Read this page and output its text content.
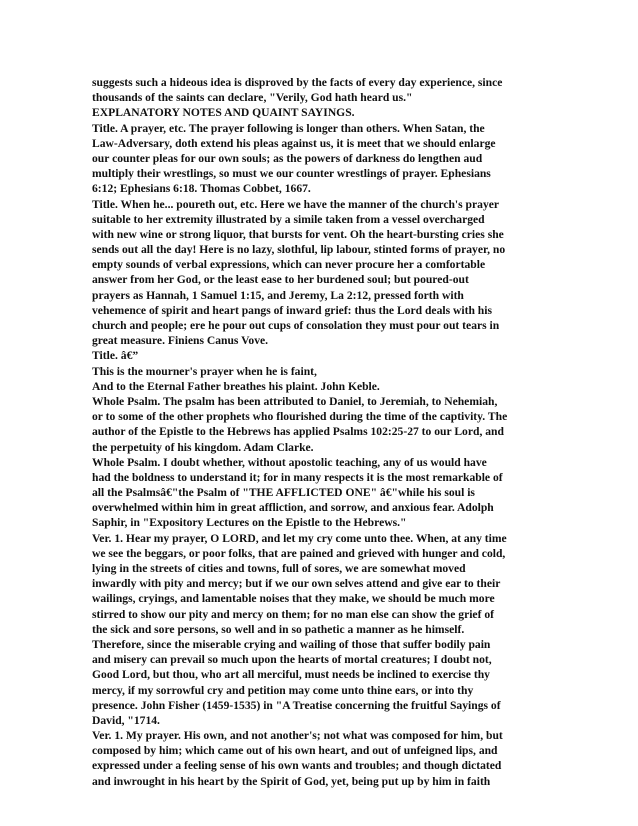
suggests such a hideous idea is disproved by the facts of every day experience, since
thousands of the saints can declare, "Verily, God hath heard us."
EXPLANATORY NOTES AND QUAINT SAYINGS.
Title. A prayer, etc. The prayer following is longer than others. When Satan, the
Law-Adversary, doth extend his pleas against us, it is meet that we should enlarge
our counter pleas for our own souls; as the powers of darkness do lengthen aud
multiply their wrestlings, so must we our counter wrestlings of prayer. Ephesians
6:12; Ephesians 6:18. Thomas Cobbet, 1667.
Title. When he... poureth out, etc. Here we have the manner of the church's prayer
suitable to her extremity illustrated by a simile taken from a vessel overcharged
with new wine or strong liquor, that bursts for vent. Oh the heart-bursting cries she
sends out all the day! Here is no lazy, slothful, lip labour, stinted forms of prayer, no
empty sounds of verbal expressions, which can never procure her a comfortable
answer from her God, or the least ease to her burdened soul; but poured-out
prayers as Hannah, 1 Samuel 1:15, and Jeremy, La 2:12, pressed forth with
vehemence of spirit and heart pangs of inward grief: thus the Lord deals with his
church and people; ere he pour out cups of consolation they must pour out tears in
great measure. Finiens Canus Vove.
Title. â€”
This is the mourner's prayer when he is faint,
And to the Eternal Father breathes his plaint. John Keble.
Whole Psalm. The psalm has been attributed to Daniel, to Jeremiah, to Nehemiah,
or to some of the other prophets who flourished during the time of the captivity. The
author of the Epistle to the Hebrews has applied Psalms 102:25-27 to our Lord, and
the perpetuity of his kingdom. Adam Clarke.
Whole Psalm. I doubt whether, without apostolic teaching, any of us would have
had the boldness to understand it; for in many respects it is the most remarkable of
all the Psalmsâ€"the Psalm of "THE AFFLICTED ONE" â€"while his soul is
overwhelmed within him in great affliction, and sorrow, and anxious fear. Adolph
Saphir, in "Expository Lectures on the Epistle to the Hebrews."
Ver. 1. Hear my prayer, O LORD, and let my cry come unto thee. When, at any time
we see the beggars, or poor folks, that are pained and grieved with hunger and cold,
lying in the streets of cities and towns, full of sores, we are somewhat moved
inwardly with pity and mercy; but if we our own selves attend and give ear to their
wailings, cryings, and lamentable noises that they make, we should be much more
stirred to show our pity and mercy on them; for no man else can show the grief of
the sick and sore persons, so well and in so pathetic a manner as he himself.
Therefore, since the miserable crying and wailing of those that suffer bodily pain
and misery can prevail so much upon the hearts of mortal creatures; I doubt not,
Good Lord, but thou, who art all merciful, must needs be inclined to exercise thy
mercy, if my sorrowful cry and petition may come unto thine ears, or into thy
presence. John Fisher (1459-1535) in "A Treatise concerning the fruitful Sayings of
David, "1714.
Ver. 1. My prayer. His own, and not another's; not what was composed for him, but
composed by him; which came out of his own heart, and out of unfeigned lips, and
expressed under a feeling sense of his own wants and troubles; and though dictated
and inwrought in his heart by the Spirit of God, yet, being put up by him in faith
